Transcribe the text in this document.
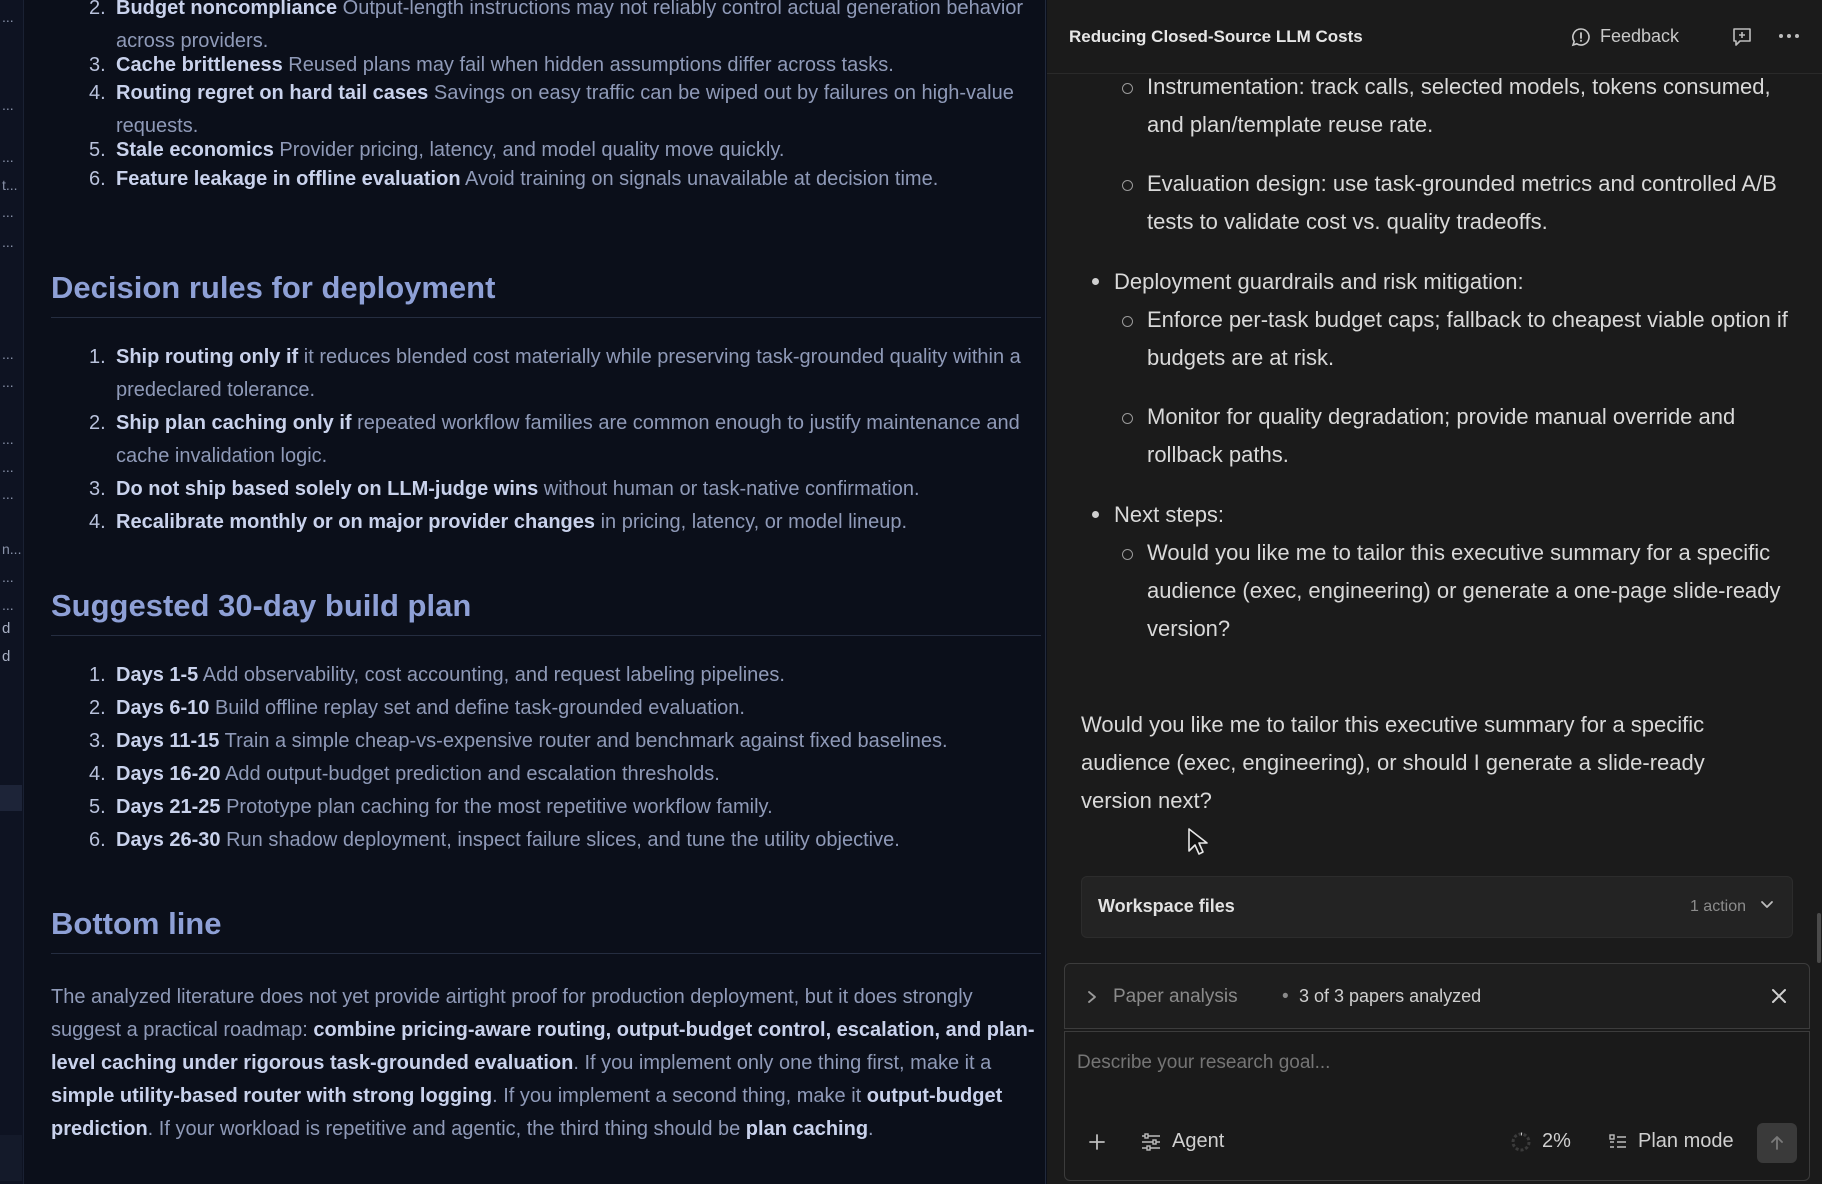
...
...
...
t...
...
...
...
...
...
...
...
n...
...
...
d
d
2. Budget noncompliance Output-length instructions may not reliably control actual generation behavior across providers.
3. Cache brittleness Reused plans may fail when hidden assumptions differ across tasks.
4. Routing regret on hard tail cases Savings on easy traffic can be wiped out by failures on high-value requests.
5. Stale economics Provider pricing, latency, and model quality move quickly.
6. Feature leakage in offline evaluation Avoid training on signals unavailable at decision time.
Decision rules for deployment
1. Ship routing only if it reduces blended cost materially while preserving task-grounded quality within a predeclared tolerance.
2. Ship plan caching only if repeated workflow families are common enough to justify maintenance and cache invalidation logic.
3. Do not ship based solely on LLM-judge wins without human or task-native confirmation.
4. Recalibrate monthly or on major provider changes in pricing, latency, or model lineup.
Suggested 30-day build plan
1. Days 1-5 Add observability, cost accounting, and request labeling pipelines.
2. Days 6-10 Build offline replay set and define task-grounded evaluation.
3. Days 11-15 Train a simple cheap-vs-expensive router and benchmark against fixed baselines.
4. Days 16-20 Add output-budget prediction and escalation thresholds.
5. Days 21-25 Prototype plan caching for the most repetitive workflow family.
6. Days 26-30 Run shadow deployment, inspect failure slices, and tune the utility objective.
Bottom line

The analyzed literature does not yet provide airtight proof for production deployment, but it does strongly suggest a practical roadmap: combine pricing-aware routing, output-budget control, escalation, and plan-level caching under rigorous task-grounded evaluation. If you implement only one thing first, make it a simple utility-based router with strong logging. If you implement a second thing, make it output-budget prediction. If your workload is repetitive and agentic, the third thing should be plan caching.

Reducing Closed-Source LLM Costs	Feedback
Instrumentation: track calls, selected models, tokens consumed, and plan/template reuse rate.
Evaluation design: use task-grounded metrics and controlled A/B tests to validate cost vs. quality tradeoffs.
Deployment guardrails and risk mitigation:
Enforce per-task budget caps; fallback to cheapest viable option if budgets are at risk.
Monitor for quality degradation; provide manual override and rollback paths.
Next steps:
Would you like me to tailor this executive summary for a specific audience (exec, engineering) or generate a one-page slide-ready version?
Would you like me to tailor this executive summary for a specific audience (exec, engineering), or should I generate a slide-ready version next?
Workspace files	1 action
Paper analysis • 3 of 3 papers analyzed
Describe your research goal...
Agent	2%	Plan mode
